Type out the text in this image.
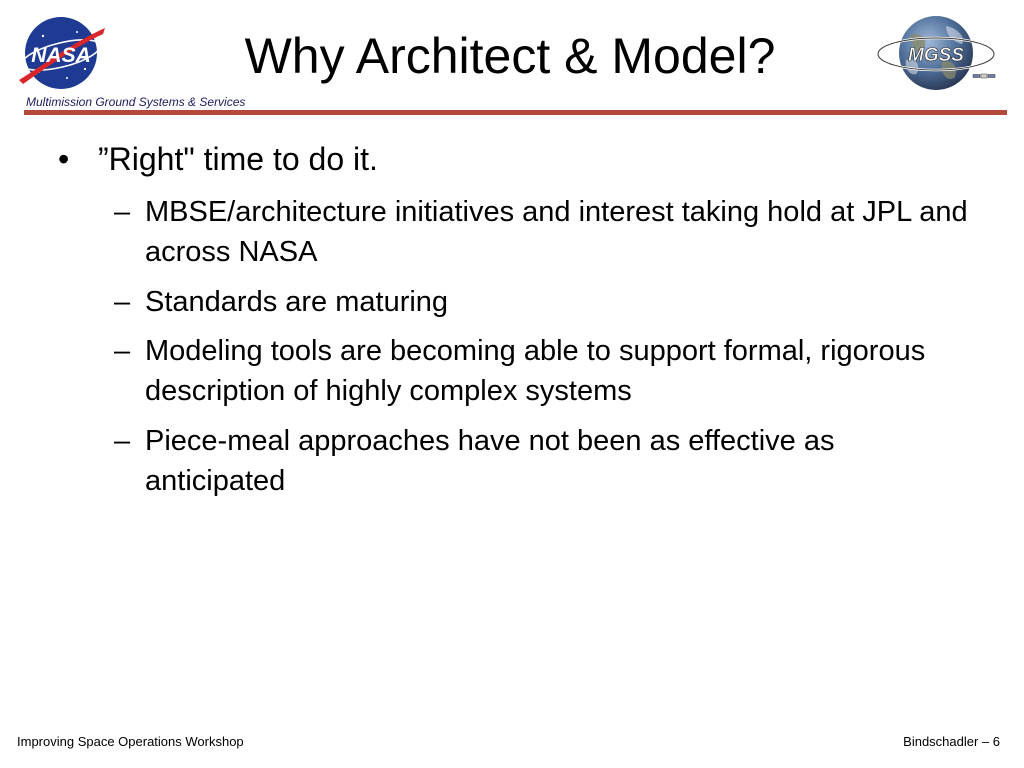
NASA	Why Architect & Model?	MGSS
Multimission Ground Systems & Services
• ”Right" time to do it.
– MBSE/architecture initiatives and interest taking hold at JPL and across NASA
– Standards are maturing
– Modeling tools are becoming able to support formal, rigorous description of highly complex systems
– Piece-meal approaches have not been as effective as anticipated
Improving Space Operations Workshop	Bindschadler – 6
